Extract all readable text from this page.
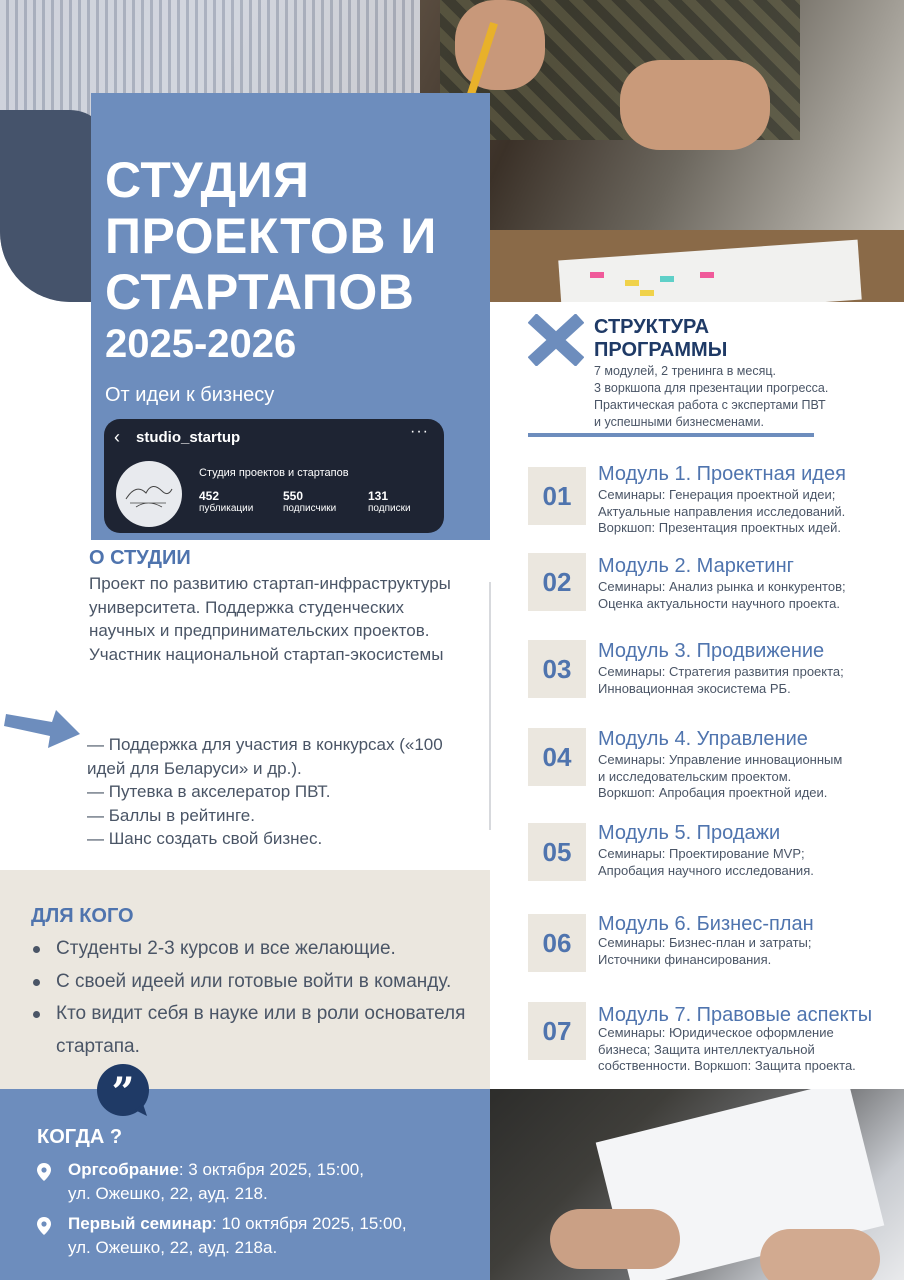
СТУДИЯ
ПРОЕКТОВ И
СТАРТАПОВ
2025-2026
От идеи к бизнесу
‹ studio_startup	···
Студия проектов и стартапов
452
публикации
550
подписчики
131
подписки
О СТУДИИ
Проект по развитию стартап-инфраструктуры университета. Поддержка студенческих научных и предпринимательских проектов. Участник национальной стартап-экосистемы
— Поддержка для участия в конкурсах («100 идей для Беларуси» и др.).
— Путевка в акселератор ПВТ.
— Баллы в рейтинге.
— Шанс создать свой бизнес.
ДЛЯ КОГО
Студенты 2-3 курсов и все желающие.
С своей идеей или готовые войти в команду.
Кто видит себя в науке или в роли основателя стартапа.
”
КОГДА ?
Оргсобрание: 3 октября 2025, 15:00,
ул. Ожешко, 22, ауд. 218.
Первый семинар: 10 октября 2025, 15:00,
ул. Ожешко, 22, ауд. 218а.
СТРУКТУРА
ПРОГРАММЫ
7 модулей, 2 тренинга в месяц.
3 воркшопа для презентации прогресса.
Практическая работа с экспертами ПВТ
и успешными бизнесменами.
01
Модуль 1. Проектная идея
Семинары: Генерация проектной идеи;
Актуальные направления исследований.
Воркшоп: Презентация проектных идей.
02
Модуль 2. Маркетинг
Семинары: Анализ рынка и конкурентов;
Оценка актуальности научного проекта.
03
Модуль 3. Продвижение
Семинары: Стратегия развития проекта;
Инновационная экосистема РБ.
04
Модуль 4. Управление
Семинары: Управление инновационным
и исследовательским проектом.
Воркшоп: Апробация проектной идеи.
05
Модуль 5. Продажи
Семинары: Проектирование MVP;
Апробация научного исследования.
06
Модуль 6. Бизнес-план
Семинары: Бизнес-план и затраты;
Источники финансирования.
07
Модуль 7. Правовые аспекты
Семинары: Юридическое оформление
бизнеса; Защита интеллектуальной
собственности. Воркшоп: Защита проекта.
